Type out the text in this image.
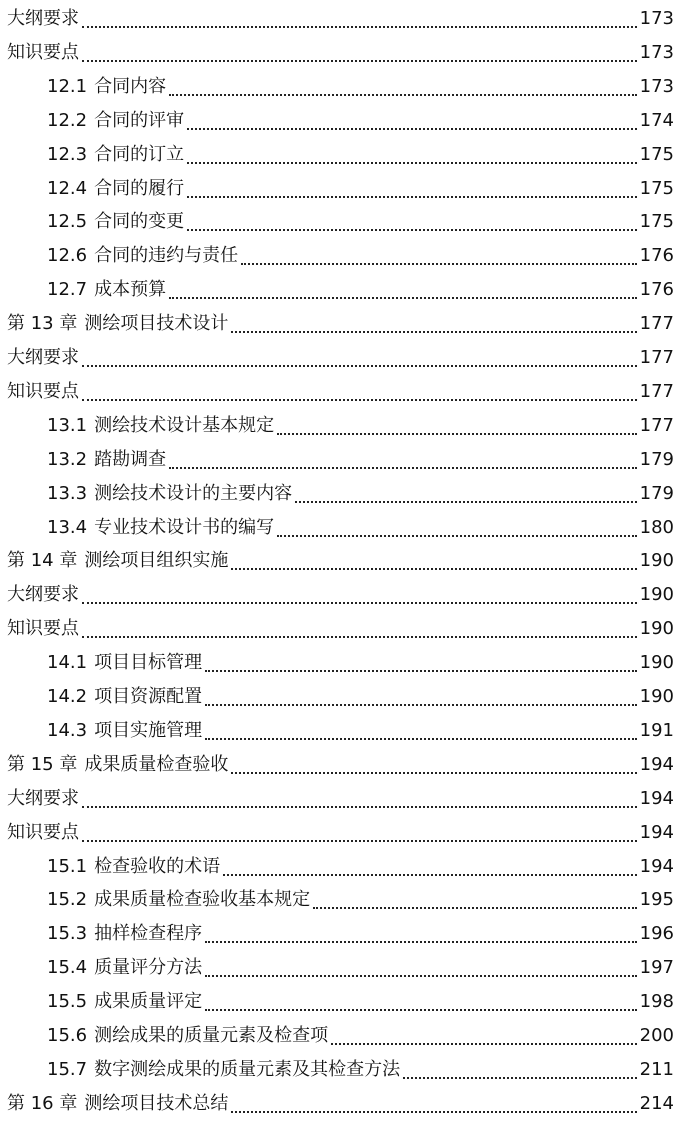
大纲要求	173
知识要点	173
12.1 合同内容	173
12.2 合同的评审	174
12.3 合同的订立	175
12.4 合同的履行	175
12.5 合同的变更	175
12.6 合同的违约与责任	176
12.7 成本预算	176
第 13 章 测绘项目技术设计	177
大纲要求	177
知识要点	177
13.1 测绘技术设计基本规定	177
13.2 踏勘调查	179
13.3 测绘技术设计的主要内容	179
13.4 专业技术设计书的编写	180
第 14 章 测绘项目组织实施	190
大纲要求	190
知识要点	190
14.1 项目目标管理	190
14.2 项目资源配置	190
14.3 项目实施管理	191
第 15 章 成果质量检查验收	194
大纲要求	194
知识要点	194
15.1 检查验收的术语	194
15.2 成果质量检查验收基本规定	195
15.3 抽样检查程序	196
15.4 质量评分方法	197
15.5 成果质量评定	198
15.6 测绘成果的质量元素及检查项	200
15.7 数字测绘成果的质量元素及其检查方法	211
第 16 章 测绘项目技术总结	214
